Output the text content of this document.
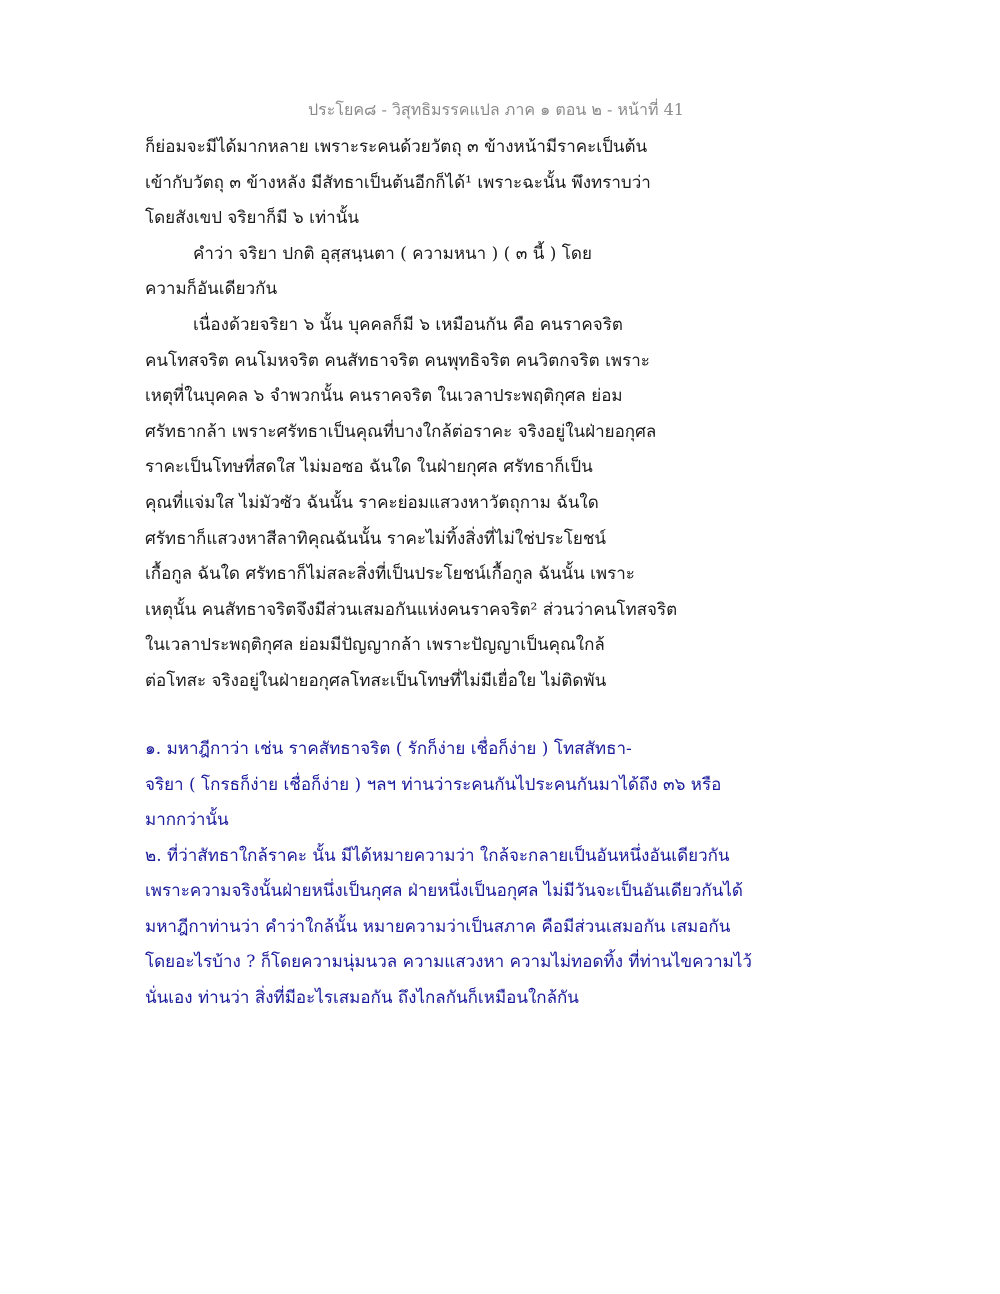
ประโยค๘ - วิสุทธิมรรคแปล ภาค ๑ ตอน ๒ - หน้าที่ 41
ก็ย่อมจะมีได้มากหลาย เพราะระคนด้วยวัตถุ ๓ ข้างหน้ามีราคะเป็นต้น
เข้ากับวัตถุ ๓ ข้างหลัง มีสัทธาเป็นต้นอีกก็ได้¹ เพราะฉะนั้น พึงทราบว่า
โดยสังเขป จริยาก็มี ๖ เท่านั้น
คำว่า จริยา ปกติ อุสฺสนฺนตา ( ความหนา ) ( ๓ นี้ ) โดย
ความก็อันเดียวกัน
เนื่องด้วยจริยา ๖ นั้น บุคคลก็มี ๖ เหมือนกัน คือ คนราคจริต
คนโทสจริต คนโมหจริต คนสัทธาจริต คนพุทธิจริต คนวิตกจริต เพราะ
เหตุที่ในบุคคล ๖ จำพวกนั้น คนราคจริต ในเวลาประพฤติกุศล ย่อม
ศรัทธากล้า เพราะศรัทธาเป็นคุณที่บางใกล้ต่อราคะ จริงอยู่ในฝ่ายอกุศล
ราคะเป็นโทษที่สดใส ไม่มอซอ ฉันใด ในฝ่ายกุศล ศรัทธาก็เป็น
คุณที่แจ่มใส ไม่มัวซัว ฉันนั้น ราคะย่อมแสวงหาวัตถุกาม ฉันใด
ศรัทธาก็แสวงหาสีลาทิคุณฉันนั้น ราคะไม่ทิ้งสิ่งที่ไม่ใช่ประโยชน์
เกื้อกูล ฉันใด ศรัทธาก็ไม่สละสิ่งที่เป็นประโยชน์เกื้อกูล ฉันนั้น เพราะ
เหตุนั้น คนสัทธาจริตจึงมีส่วนเสมอกันแห่งคนราคจริต² ส่วนว่าคนโทสจริต
ในเวลาประพฤติกุศล ย่อมมีปัญญากล้า เพราะปัญญาเป็นคุณใกล้
ต่อโทสะ จริงอยู่ในฝ่ายอกุศลโทสะเป็นโทษที่ไม่มีเยื่อใย ไม่ติดพัน
๑. มหาฎีกาว่า เช่น ราคสัทธาจริต ( รักก็ง่าย เชื่อก็ง่าย ) โทสสัทธา-
จริยา ( โกรธก็ง่าย เชื่อก็ง่าย ) ฯลฯ ท่านว่าระคนกันไประคนกันมาได้ถึง ๓๖ หรือ
มากกว่านั้น
๒. ที่ว่าสัทธาใกล้ราคะ นั้น มีได้หมายความว่า ใกล้จะกลายเป็นอันหนึ่งอันเดียวกัน
เพราะความจริงนั้นฝ่ายหนึ่งเป็นกุศล ฝ่ายหนึ่งเป็นอกุศล ไม่มีวันจะเป็นอันเดียวกันได้
มหาฎีกาท่านว่า คำว่าใกล้นั้น หมายความว่าเป็นสภาค คือมีส่วนเสมอกัน เสมอกัน
โดยอะไรบ้าง ? ก็โดยความนุ่มนวล ความแสวงหา ความไม่ทอดทิ้ง ที่ท่านไขความไว้
นั่นเอง ท่านว่า สิ่งที่มีอะไรเสมอกัน ถึงไกลกันก็เหมือนใกล้กัน
